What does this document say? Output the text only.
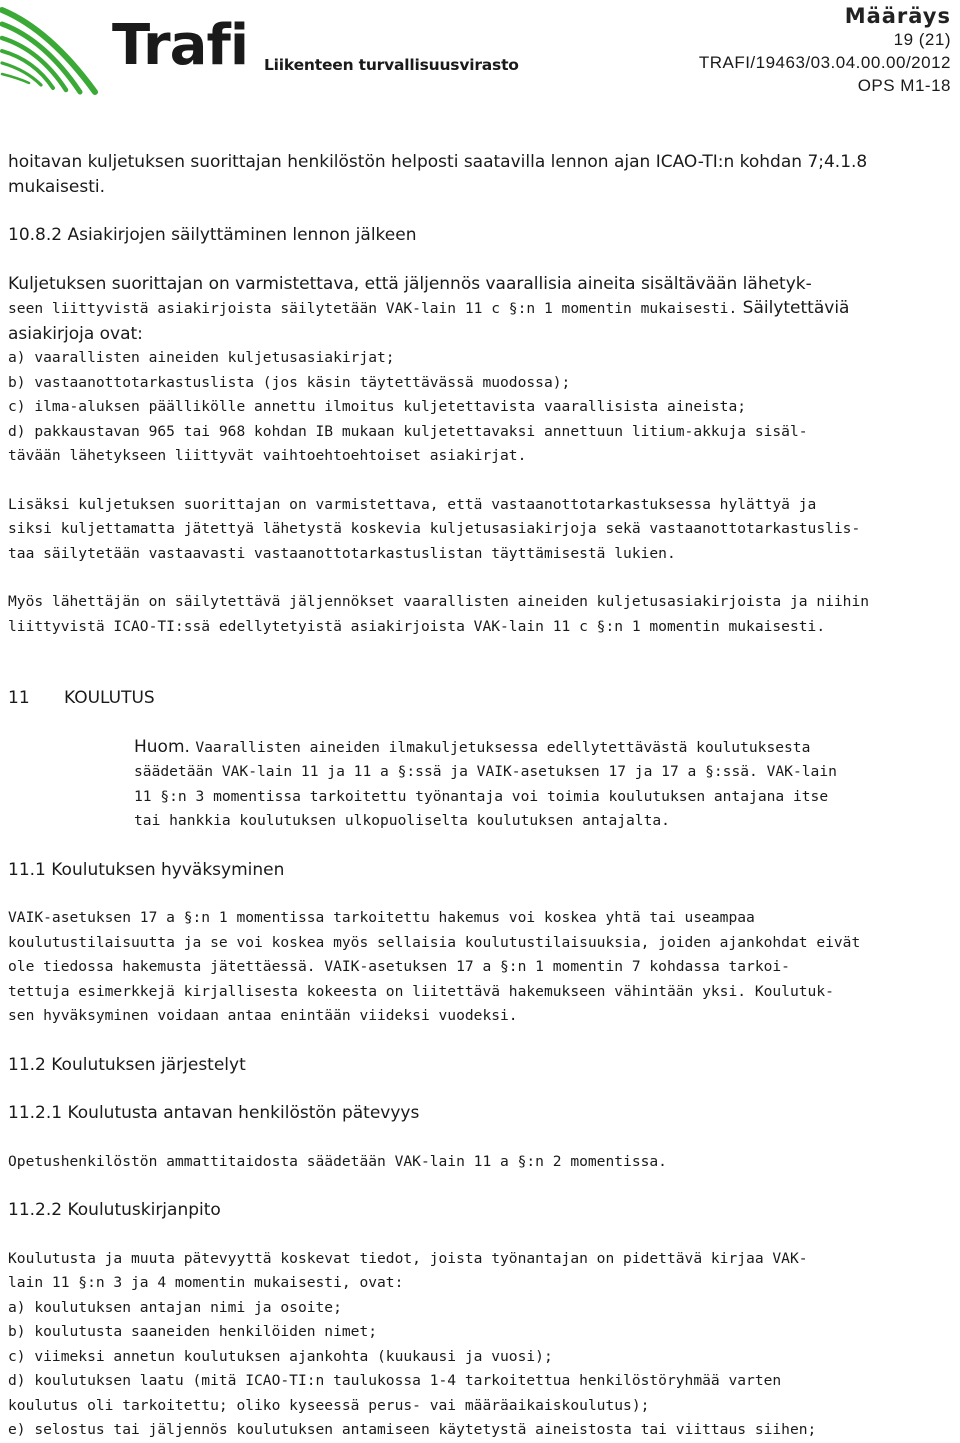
Trafi Liikenteen turvallisuusvirasto
Määräys
19 (21)
TRAFI/19463/03.04.00.00/2012
OPS M1-18

hoitavan kuljetuksen suorittajan henkilöstön helposti saatavilla lennon ajan ICAO-TI:n kohdan 7;4.1.8 mukaisesti.

10.8.2 Asiakirjojen säilyttäminen lennon jälkeen

Kuljetuksen suorittajan on varmistettava, että jäljennös vaarallisia aineita sisältävään lähetyk-

seen liittyvistä asiakirjoista säilytetään VAK-lain 11 c §:n 1 momentin mukaisesti. Säilytettäviä

asiakirjoja ovat:

a) vaarallisten aineiden kuljetusasiakirjat;

b) vastaanottotarkastuslista (jos käsin täytettävässä muodossa);

c) ilma-aluksen päällikölle annettu ilmoitus kuljetettavista vaarallisista aineista;

d) pakkaustavan 965 tai 968 kohdan IB mukaan kuljetettavaksi annettuun litium-akkuja sisäl-

tävään lähetykseen liittyvät vaihtoehtoehtoiset asiakirjat.

Lisäksi kuljetuksen suorittajan on varmistettava, että vastaanottotarkastuksessa hylättyä ja

siksi kuljettamatta jätettyä lähetystä koskevia kuljetusasiakirjoja sekä vastaanottotarkastuslis-

taa säilytetään vastaavasti vastaanottotarkastuslistan täyttämisestä lukien.

Myös lähettäjän on säilytettävä jäljennökset vaarallisten aineiden kuljetusasiakirjoista ja niihin

liittyvistä ICAO-TI:ssä edellytetyistä asiakirjoista VAK-lain 11 c §:n 1 momentin mukaisesti.

11 KOULUTUS

Huom. Vaarallisten aineiden ilmakuljetuksessa edellytettävästä koulutuksesta

säädetään VAK-lain 11 ja 11 a §:ssä ja VAIK-asetuksen 17 ja 17 a §:ssä. VAK-lain

11 §:n 3 momentissa tarkoitettu työnantaja voi toimia koulutuksen antajana itse

tai hankkia koulutuksen ulkopuoliselta koulutuksen antajalta.

11.1 Koulutuksen hyväksyminen

VAIK-asetuksen 17 a §:n 1 momentissa tarkoitettu hakemus voi koskea yhtä tai useampaa

koulutustilaisuutta ja se voi koskea myös sellaisia koulutustilaisuuksia, joiden ajankohdat eivät

ole tiedossa hakemusta jätettäessä. VAIK-asetuksen 17 a §:n 1 momentin 7 kohdassa tarkoi-

tettuja esimerkkejä kirjallisesta kokeesta on liitettävä hakemukseen vähintään yksi. Koulutuk-

sen hyväksyminen voidaan antaa enintään viideksi vuodeksi.

11.2 Koulutuksen järjestelyt

11.2.1 Koulutusta antavan henkilöstön pätevyys

Opetushenkilöstön ammattitaidosta säädetään VAK-lain 11 a §:n 2 momentissa.

11.2.2 Koulutuskirjanpito

Koulutusta ja muuta pätevyyttä koskevat tiedot, joista työnantajan on pidettävä kirjaa VAK-

lain 11 §:n 3 ja 4 momentin mukaisesti, ovat:

a) koulutuksen antajan nimi ja osoite;

b) koulutusta saaneiden henkilöiden nimet;

c) viimeksi annetun koulutuksen ajankohta (kuukausi ja vuosi);

d) koulutuksen laatu (mitä ICAO-TI:n taulukossa 1-4 tarkoitettua henkilöstöryhmää varten

koulutus oli tarkoitettu; oliko kyseessä perus- vai määräaikaiskoulutus);

e) selostus tai jäljennös koulutuksen antamiseen käytetystä aineistosta tai viittaus siihen;
